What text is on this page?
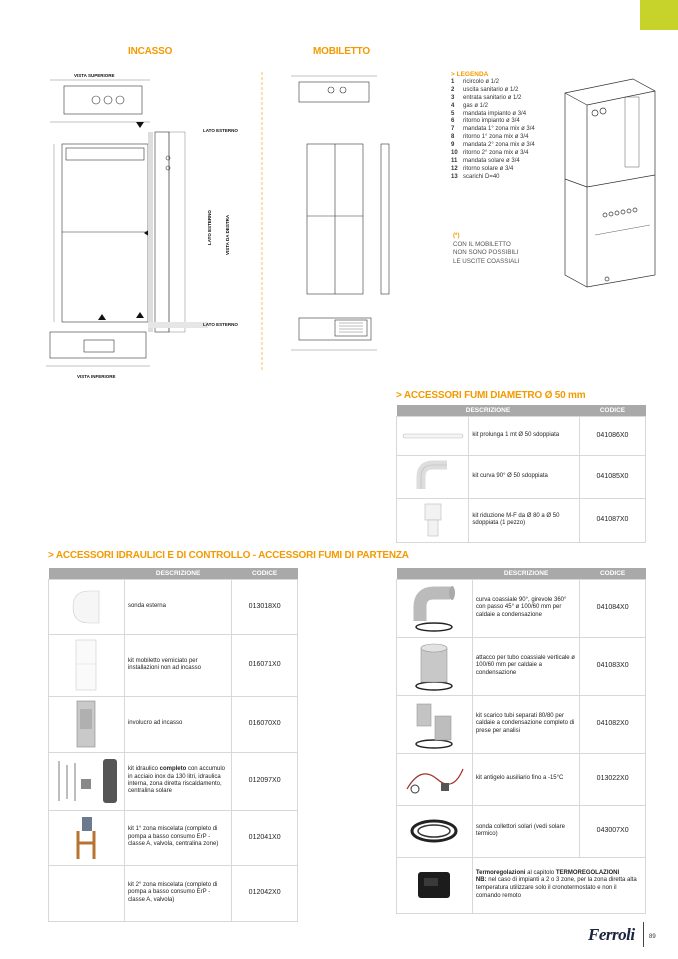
INCASSO	MOBILETTO
VISTA SUPERIORE
LATO ESTERNO
LATO ESTERNO
VISTA INFERIORE
LATO ESTERNO	VISTA DA DESTRA
> LEGENDA
1	ricircolo ø 1/2
2	uscita sanitario ø 1/2
3	entrata sanitario ø 1/2
4	gas ø 1/2
5	mandata impianto ø 3/4
6	ritorno impianto ø 3/4
7	mandata 1° zona mix ø 3/4
8	ritorno 1° zona mix ø 3/4
9	mandata 2° zona mix ø 3/4
10 ritorno 2° zona mix ø 3/4
11 mandata solare ø 3/4
12 ritorno solare ø 3/4
13 scarichi D=40
(*)
CON IL MOBILETTO
NON SONO POSSIBILI
LE USCITE COASSIALI
> ACCESSORI FUMI DIAMETRO Ø 50 mm
	DESCRIZIONE		CODICE

	kit prolunga 1 mt Ø 50 sdoppiata	041086X0

	kit curva 90° Ø 50 sdoppiata	041085X0

	kit riduzione M-F da Ø 80 a Ø 50 sdoppiata (1 pezzo)	041087X0
> ACCESSORI IDRAULICI E DI CONTROLLO - ACCESSORI FUMI DI PARTENZA
	DESCRIZIONE	CODICE

	sonda esterna	013018X0

	kit mobiletto verniciato per installazioni non ad incasso	016071X0

	involucro ad incasso	016070X0

	kit idraulico completo con accumulo in acciaio inox da 130 litri, idraulica interna, zona diretta riscaldamento, centralina solare	012097X0

	kit 1° zona miscelata (completo di pompa a basso consumo ErP - classe A, valvola, centralina zone)	012041X0
	kit 2° zona miscelata (completo di pompa a basso consumo ErP - classe A, valvola)	012042X0
	DESCRIZIONE	CODICE

	curva coassiale 90°, girevole 360° con passo 45° ø 100/60 mm per caldaie a condensazione	041084X0

	attacco per tubo coassiale verticale ø 100/60 mm per caldaie a condensazione	041083X0

	kit scarico tubi separati 80/80 per caldaie a condensazione completo di prese per analisi	041082X0

	kit antigelo ausiliario fino a -15°C	013022X0

	sonda collettori solari (vedi solare termico)	043007X0

	Termoregolazioni al capitolo TERMOREGOLAZIONI
NB: nel caso di impianti a 2 o 3 zone, per la zona diretta alta temperatura utilizzare solo il cronotermostato e non il comando remoto	
Ferroli 89
